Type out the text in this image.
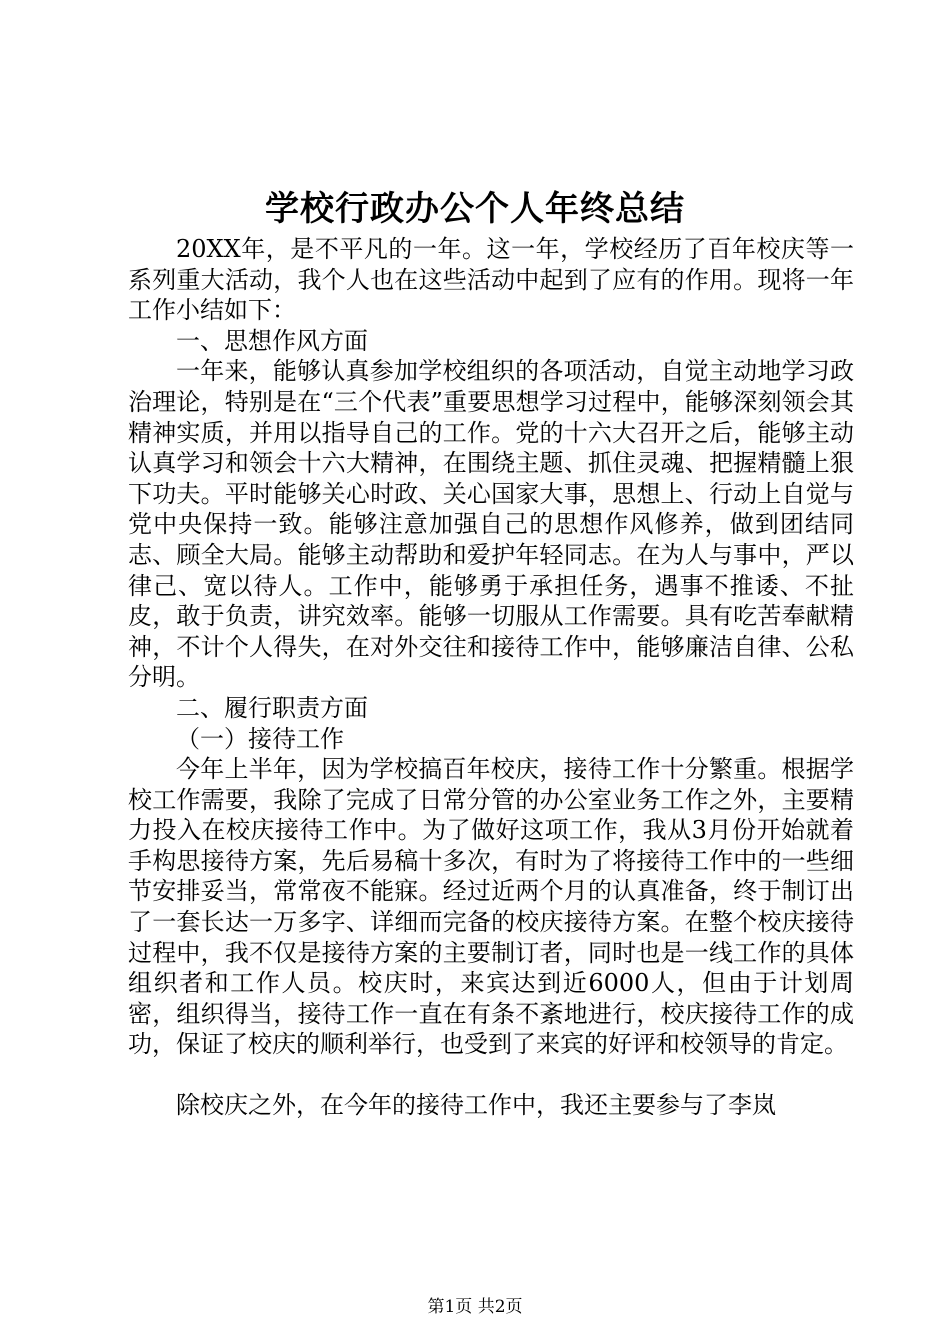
学校行政办公个人年终总结

20XX年，是不平凡的一年。这一年，学校经历了百年校庆等一系列重大活动，我个人也在这些活动中起到了应有的作用。现将一年工作小结如下：

一、思想作风方面

一年来，能够认真参加学校组织的各项活动，自觉主动地学习政治理论，特别是在“三个代表”重要思想学习过程中，能够深刻领会其精神实质，并用以指导自己的工作。党的十六大召开之后，能够主动认真学习和领会十六大精神，在围绕主题、抓住灵魂、把握精髓上狠下功夫。平时能够关心时政、关心国家大事，思想上、行动上自觉与党中央保持一致。能够注意加强自己的思想作风修养，做到团结同志、顾全大局。能够主动帮助和爱护年轻同志。在为人与事中，严以律己、宽以待人。工作中，能够勇于承担任务，遇事不推诿、不扯皮，敢于负责，讲究效率。能够一切服从工作需要。具有吃苦奉献精神，不计个人得失，在对外交往和接待工作中，能够廉洁自律、公私分明。

二、履行职责方面

（一）接待工作

今年上半年，因为学校搞百年校庆，接待工作十分繁重。根据学校工作需要，我除了完成了日常分管的办公室业务工作之外，主要精力投入在校庆接待工作中。为了做好这项工作，我从3月份开始就着手构思接待方案，先后易稿十多次，有时为了将接待工作中的一些细节安排妥当，常常夜不能寐。经过近两个月的认真准备，终于制订出了一套长达一万多字、详细而完备的校庆接待方案。在整个校庆接待过程中，我不仅是接待方案的主要制订者，同时也是一线工作的具体组织者和工作人员。校庆时，来宾达到近6000人，但由于计划周密，组织得当，接待工作一直在有条不紊地进行，校庆接待工作的成功，保证了校庆的顺利举行，也受到了来宾的好评和校领导的肯定。

除校庆之外，在今年的接待工作中，我还主要参与了李岚

第1页 共2页
